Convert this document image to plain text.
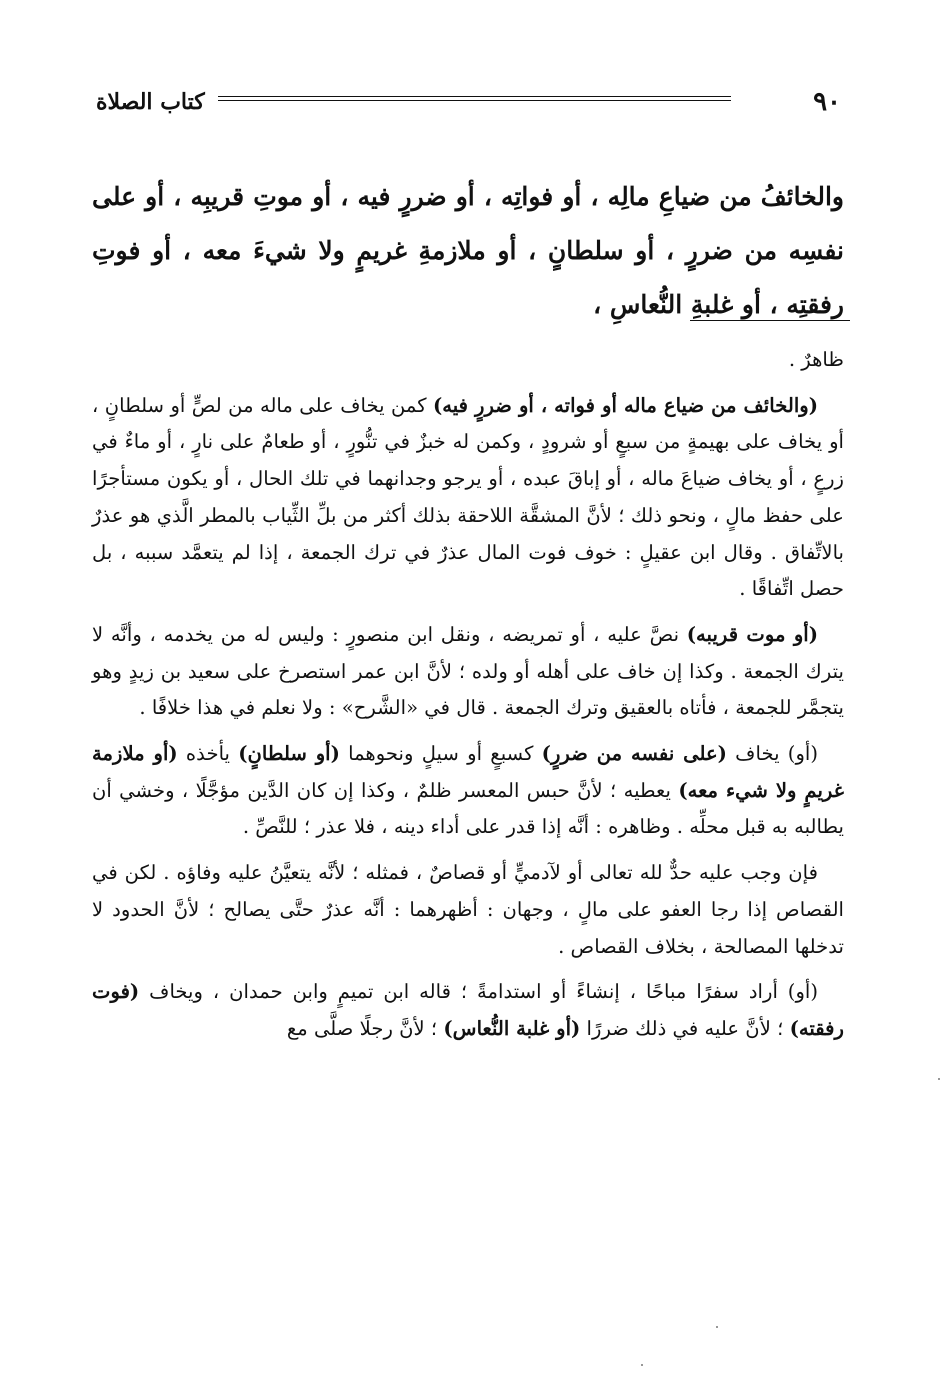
٩٠
كتاب الصلاة
والخائفُ من ضياعِ مالِه ، أو فواتِه ، أو ضررٍ فيه ، أو موتِ قريبِه ، أو على نفسِه من ضررٍ ، أو سلطانٍ ، أو ملازمةِ غريمٍ ولا شيءَ معه ، أو فوتِ رفقتِه ، أو غلبةِ النُّعاسِ ،

ظاهرٌ .

(والخائف من ضياع ماله أو فواته ، أو ضررٍ فيه) كمن يخاف على ماله من لصٍّ أو سلطانٍ ، أو يخاف على بهيمةٍ من سبعٍ أو شرودٍ ، وكمن له خبزٌ في تنُّورٍ ، أو طعامٌ على نارٍ ، أو ماءٌ في زرعٍ ، أو يخاف ضياعَ ماله ، أو إباقَ عبده ، أو يرجو وجدانهما في تلك الحال ، أو يكون مستأجرًا على حفظ مالٍ ، ونحو ذلك ؛ لأنَّ المشقَّة اللاحقة بذلك أكثر من بلِّ الثِّياب بالمطر الَّذي هو عذرٌ بالاتِّفاق . وقال ابن عقيلٍ : خوف فوت المال عذرٌ في ترك الجمعة ، إذا لم يتعمَّد سببه ، بل حصل اتِّفاقًا .

(أو موت قريبه) نصَّ عليه ، أو تمريضه ، ونقل ابن منصورٍ : وليس له من يخدمه ، وأنَّه لا يترك الجمعة . وكذا إن خاف على أهله أو ولده ؛ لأنَّ ابن عمر استصرخ على سعيد بن زيدٍ وهو يتجمَّر للجمعة ، فأتاه بالعقيق وترك الجمعة . قال في «الشَّرح» : ولا نعلم في هذا خلافًا .

(أو) يخاف (على نفسه من ضررٍ) كسبعٍ أو سيلٍ ونحوهما (أو سلطانٍ) يأخذه (أو ملازمة غريمٍ ولا شيء معه) يعطيه ؛ لأنَّ حبس المعسر ظلمٌ ، وكذا إن كان الدَّين مؤجَّلًا ، وخشي أن يطالبه به قبل محلِّه . وظاهره : أنَّه إذا قدر على أداء دينه ، فلا عذر ؛ للنَّصِّ .

فإن وجب عليه حدٌّ لله تعالى أو لآدميٍّ أو قصاصٌ ، فمثله ؛ لأنَّه يتعيَّنُ عليه وفاؤه . لكن في القصاص إذا رجا العفو على مالٍ ، وجهان : أظهرهما : أنَّه عذرٌ حتَّى يصالح ؛ لأنَّ الحدود لا تدخلها المصالحة ، بخلاف القصاص .

(أو) أراد سفرًا مباحًا ، إنشاءً أو استدامةً ؛ قاله ابن تميمٍ وابن حمدان ، ويخاف (فوت رفقته) ؛ لأنَّ عليه في ذلك ضررًا (أو غلبة النُّعاس) ؛ لأنَّ رجلًا صلَّى مع
